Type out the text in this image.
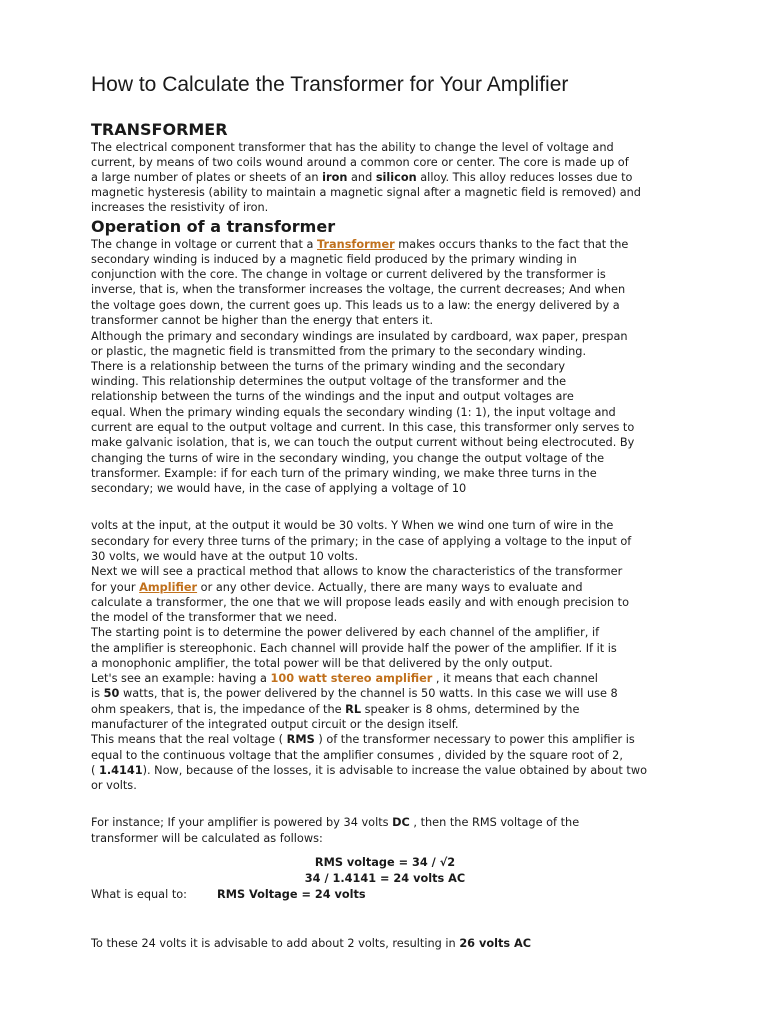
How to Calculate the Transformer for Your Amplifier
TRANSFORMER

The electrical component transformer that has the ability to change the level of voltage and

current, by means of two coils wound around a common core or center. The core is made up of

a large number of plates or sheets of an iron and silicon alloy. This alloy reduces losses due to

magnetic hysteresis (ability to maintain a magnetic signal after a magnetic field is removed) and

increases the resistivity of iron.

Operation of a transformer

The change in voltage or current that a Transformer makes occurs thanks to the fact that the

secondary winding is induced by a magnetic field produced by the primary winding in

conjunction with the core. The change in voltage or current delivered by the transformer is

inverse, that is, when the transformer increases the voltage, the current decreases; And when

the voltage goes down, the current goes up. This leads us to a law: the energy delivered by a

transformer cannot be higher than the energy that enters it.

Although the primary and secondary windings are insulated by cardboard, wax paper, prespan

or plastic, the magnetic field is transmitted from the primary to the secondary winding.

There is a relationship between the turns of the primary winding and the secondary

winding. This relationship determines the output voltage of the transformer and the

relationship between the turns of the windings and the input and output voltages are

equal. When the primary winding equals the secondary winding (1: 1), the input voltage and

current are equal to the output voltage and current. In this case, this transformer only serves to

make galvanic isolation, that is, we can touch the output current without being electrocuted. By

changing the turns of wire in the secondary winding, you change the output voltage of the

transformer. Example: if for each turn of the primary winding, we make three turns in the

secondary; we would have, in the case of applying a voltage of 10

volts at the input, at the output it would be 30 volts. Y When we wind one turn of wire in the

secondary for every three turns of the primary; in the case of applying a voltage to the input of

30 volts, we would have at the output 10 volts.

Next we will see a practical method that allows to know the characteristics of the transformer

for your Amplifier or any other device. Actually, there are many ways to evaluate and

calculate a transformer, the one that we will propose leads easily and with enough precision to

the model of the transformer that we need.

The starting point is to determine the power delivered by each channel of the amplifier, if

the amplifier is stereophonic. Each channel will provide half the power of the amplifier. If it is

a monophonic amplifier, the total power will be that delivered by the only output.

Let's see an example: having a 100 watt stereo amplifier , it means that each channel

is 50 watts, that is, the power delivered by the channel is 50 watts. In this case we will use 8

ohm speakers, that is, the impedance of the RL speaker is 8 ohms, determined by the

manufacturer of the integrated output circuit or the design itself.

This means that the real voltage ( RMS ) of the transformer necessary to power this amplifier is

equal to the continuous voltage that the amplifier consumes , divided by the square root of 2,

( 1.4141). Now, because of the losses, it is advisable to increase the value obtained by about two

or volts.

For instance; If your amplifier is powered by 34 volts DC , then the RMS voltage of the

transformer will be calculated as follows:

RMS voltage = 34 / √2

34 / 1.4141 = 24 volts AC

What is equal to:	RMS Voltage = 24 volts

To these 24 volts it is advisable to add about 2 volts, resulting in 26 volts AC
